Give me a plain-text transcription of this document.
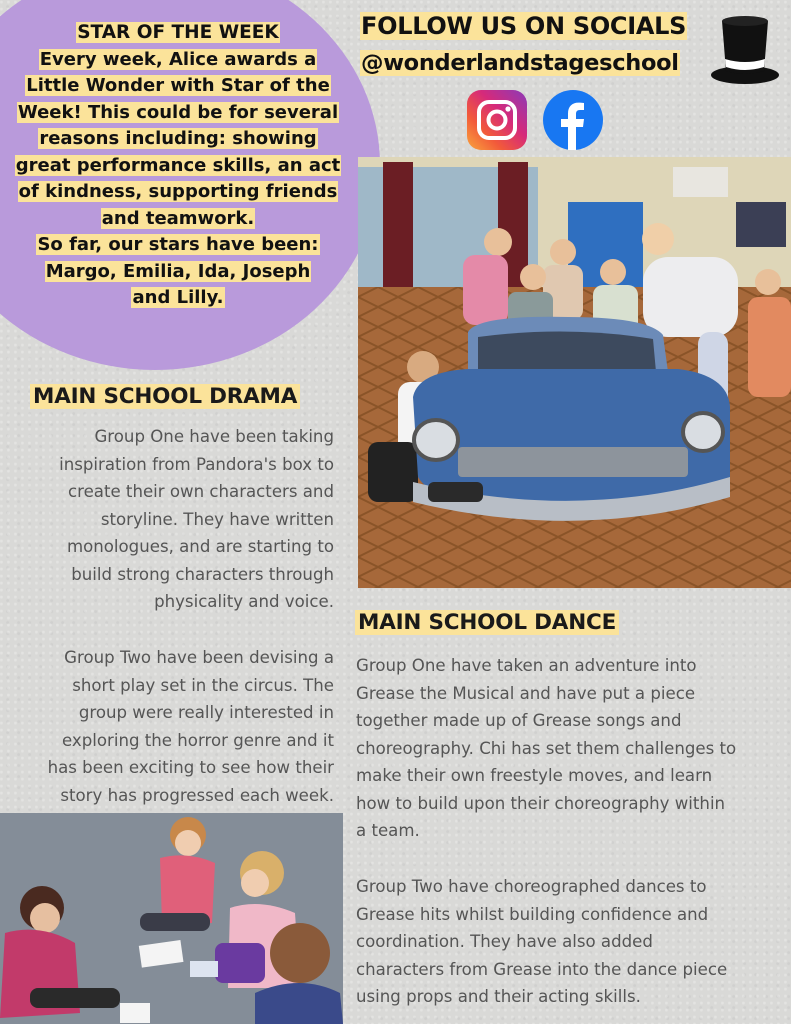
STAR OF THE WEEK
Every week, Alice awards a
Little Wonder with Star of the
Week! This could be for several
reasons including: showing
great performance skills, an act
of kindness, supporting friends
and teamwork.
So far, our stars have been:
Margo, Emilia, Ida, Joseph
and Lilly.
FOLLOW US ON SOCIALS
@wonderlandstageschool
MAIN SCHOOL DRAMA
Group One have been taking
inspiration from Pandora's box to
create their own characters and
storyline. They have written
monologues, and are starting to
build strong characters through
physicality and voice.
Group Two have been devising a
short play set in the circus. The
group were really interested in
exploring the horror genre and it
has been exciting to see how their
story has progressed each week.
MAIN SCHOOL DANCE
Group One have taken an adventure into
Grease the Musical and have put a piece
together made up of Grease songs and
choreography. Chi has set them challenges to
make their own freestyle moves, and learn
how to build upon their choreography within
a team.
Group Two have choreographed dances to
Grease hits whilst building confidence and
coordination. They have also added
characters from Grease into the dance piece
using props and their acting skills.
